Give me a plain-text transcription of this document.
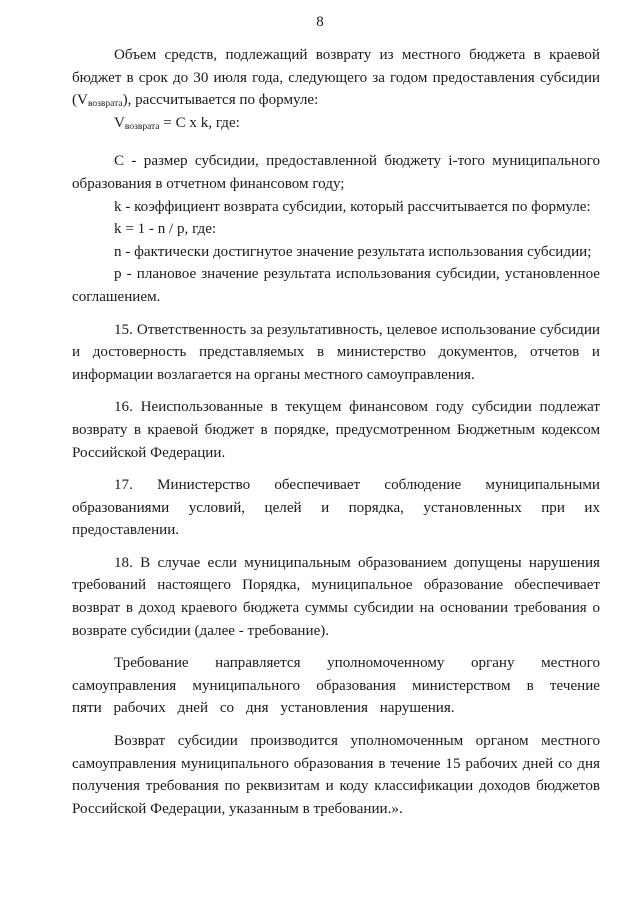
8

Объем средств, подлежащий возврату из местного бюджета в краевой бюджет в срок до 30 июля года, следующего за годом предоставления субсидии $(V_{возврата})$, рассчитывается по формуле:

$V_{возврата} = C$ x k, где:

C - размер субсидии, предоставленной бюджету i-того муниципального образования в отчетном финансовом году;

k - коэффициент возврата субсидии, который рассчитывается по формуле:

k = 1 - n / p, где:

n - фактически достигнутое значение результата использования субсидии;

p - плановое значение результата использования субсидии, установленное соглашением.

15. Ответственность за результативность, целевое использование субсидии и достоверность представляемых в министерство документов, отчетов и информации возлагается на органы местного самоуправления.

16. Неиспользованные в текущем финансовом году субсидии подлежат возврату в краевой бюджет в порядке, предусмотренном Бюджетным кодексом Российской Федерации.

17. Министерство обеспечивает соблюдение муниципальными образованиями условий, целей и порядка, установленных при их предоставлении.

18. В случае если муниципальным образованием допущены нарушения требований настоящего Порядка, муниципальное образование обеспечивает возврат в доход краевого бюджета суммы субсидии на основании требования о возврате субсидии (далее - требование).

Требование направляется уполномоченному органу местного самоуправления муниципального образования министерством в течение пяти рабочих дней со дня установления нарушения.

Возврат субсидии производится уполномоченным органом местного самоуправления муниципального образования в течение 15 рабочих дней со дня получения требования по реквизитам и коду классификации доходов бюджетов Российской Федерации, указанным в требовании.».
